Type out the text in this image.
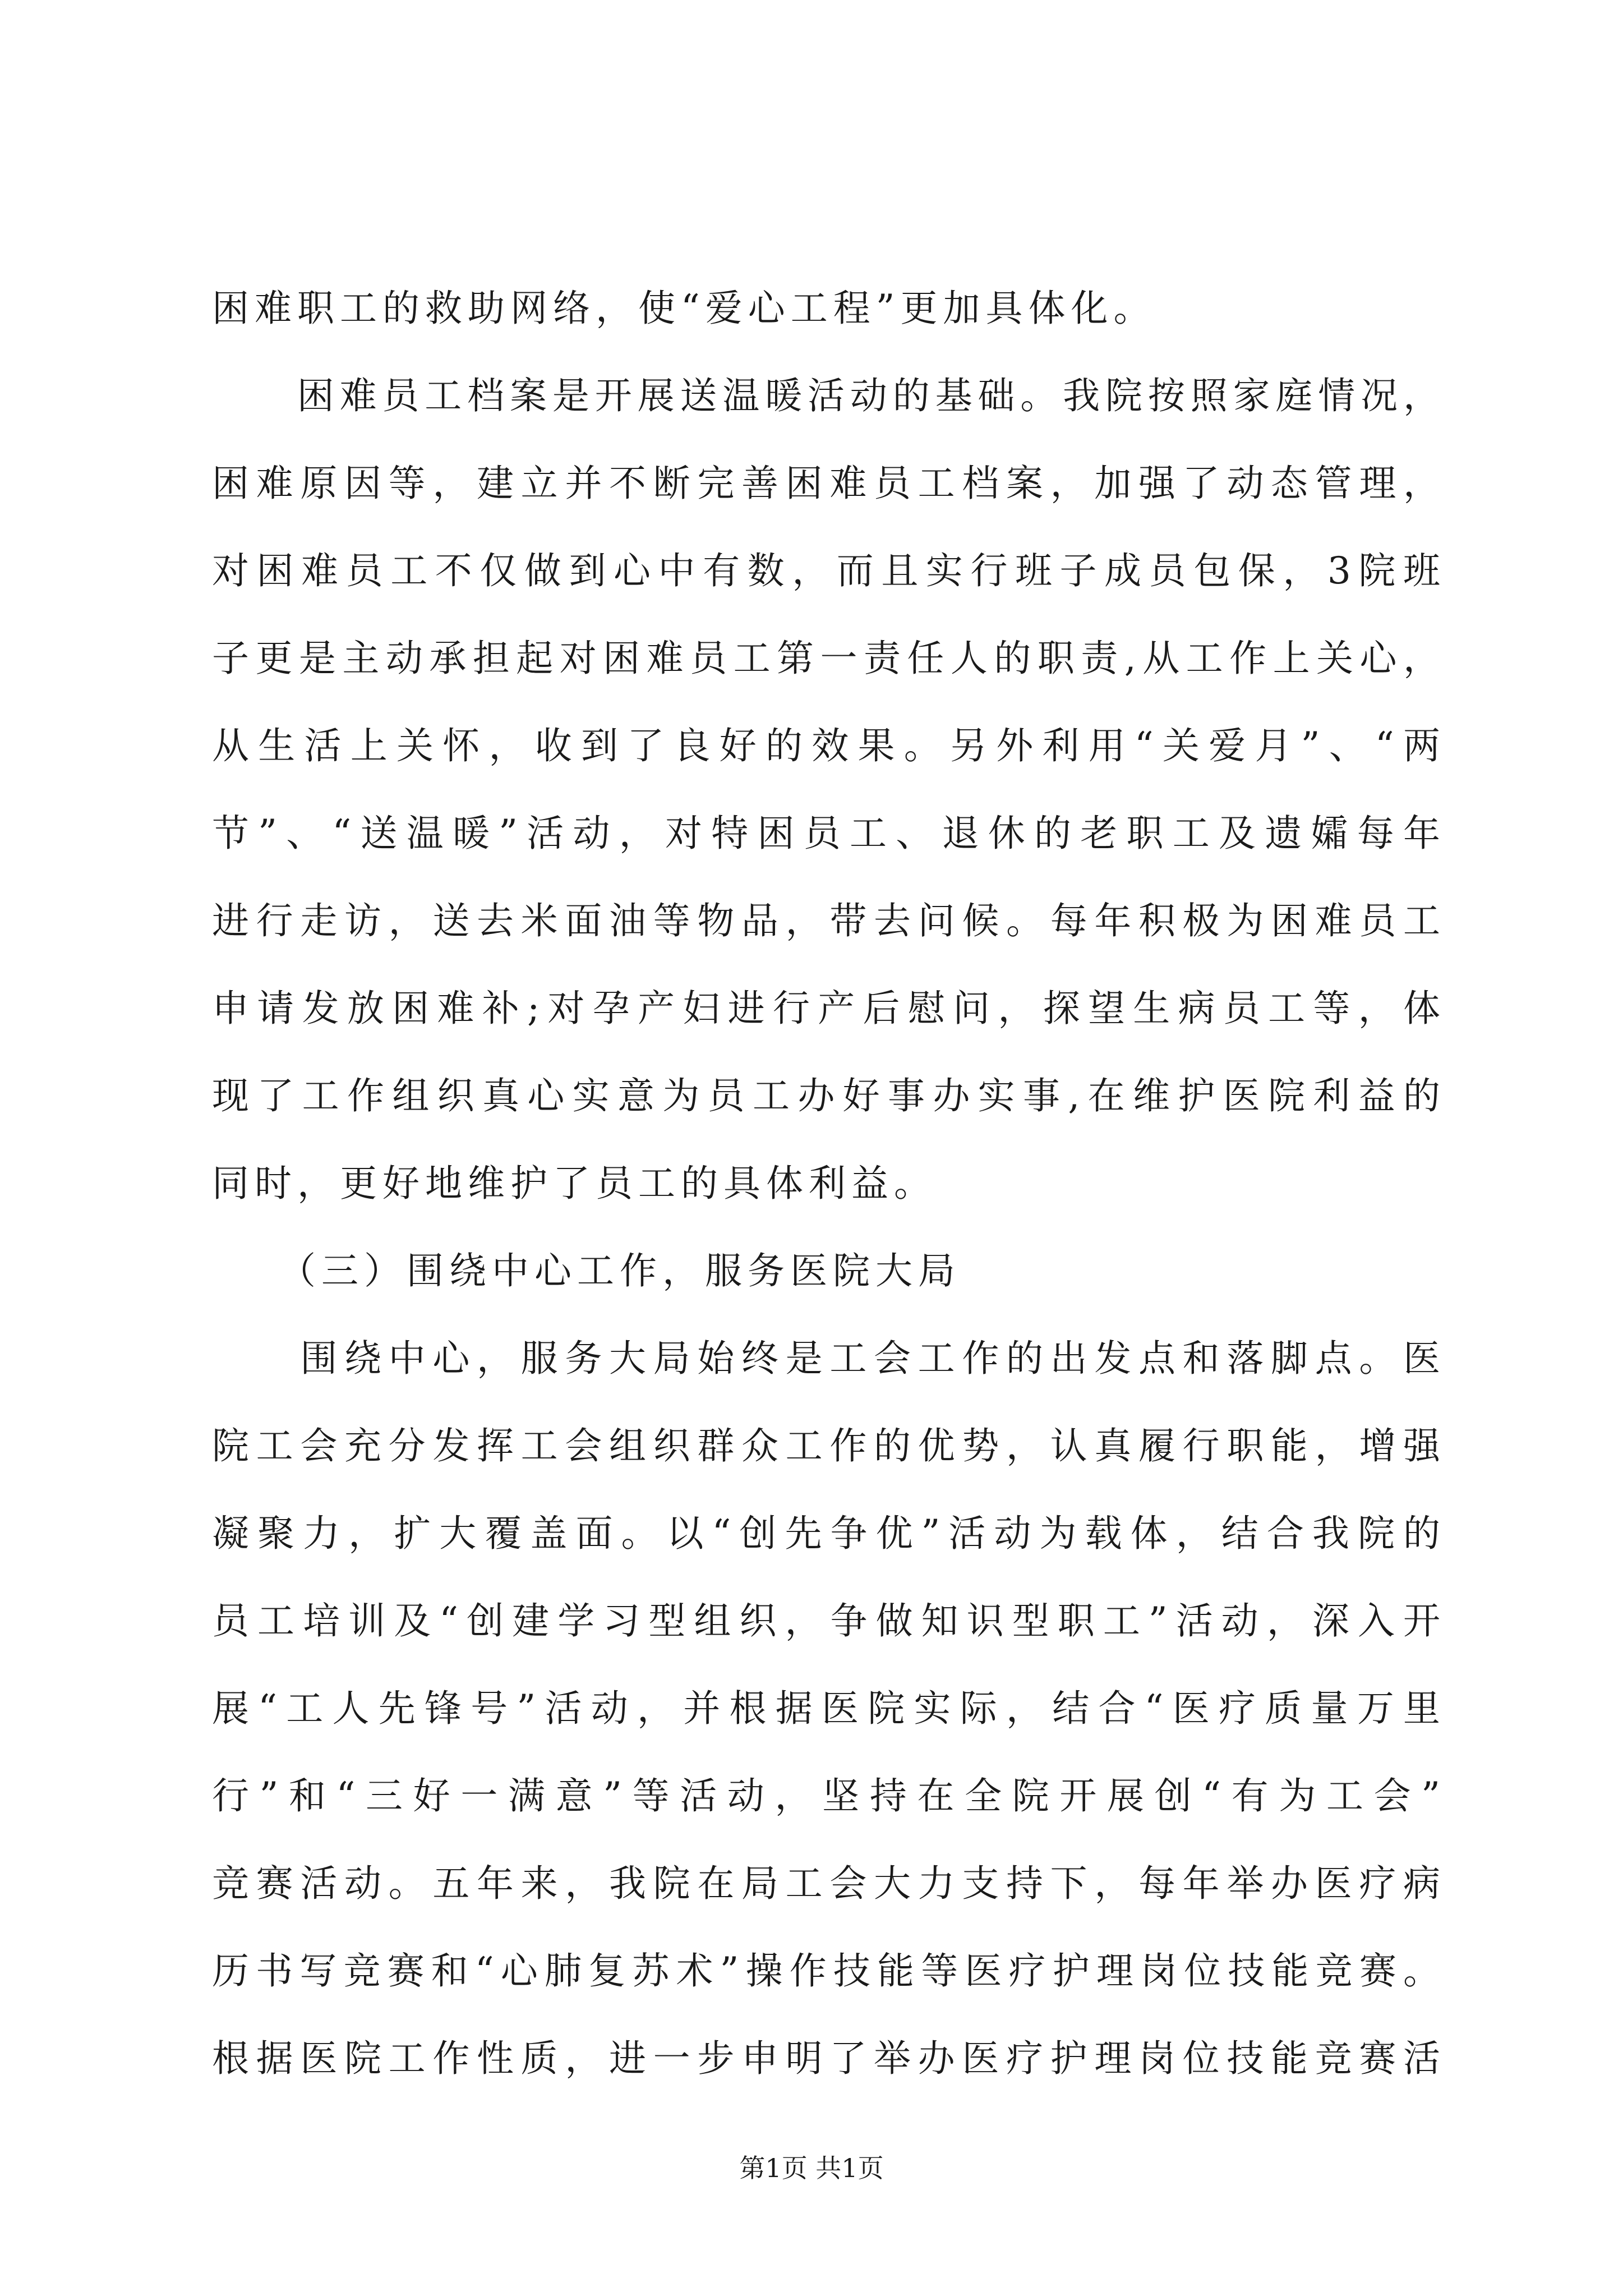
困难职工的救助网络，使“爱心工程”更加具体化。
　　困难员工档案是开展送温暖活动的基础。我院按照家庭情况，
困难原因等，建立并不断完善困难员工档案，加强了动态管理，
对困难员工不仅做到心中有数，而且实行班子成员包保，3院班
子更是主动承担起对困难员工第一责任人的职责,从工作上关心，
从生活上关怀，收到了良好的效果。另外利用“关爱月”、“两
节”、“送温暖”活动，对特困员工、退休的老职工及遗孀每年
进行走访，送去米面油等物品，带去问候。每年积极为困难员工
申请发放困难补;对孕产妇进行产后慰问，探望生病员工等，体
现了工作组织真心实意为员工办好事办实事,在维护医院利益的
同时，更好地维护了员工的具体利益。
　　（三）围绕中心工作，服务医院大局
　　围绕中心，服务大局始终是工会工作的出发点和落脚点。医
院工会充分发挥工会组织群众工作的优势，认真履行职能，增强
凝聚力，扩大覆盖面。以“创先争优”活动为载体，结合我院的
员工培训及“创建学习型组织，争做知识型职工”活动，深入开
展“工人先锋号”活动，并根据医院实际，结合“医疗质量万里
行”和“三好一满意”等活动，坚持在全院开展创“有为工会”
竞赛活动。五年来，我院在局工会大力支持下，每年举办医疗病
历书写竞赛和“心肺复苏术”操作技能等医疗护理岗位技能竞赛。
根据医院工作性质，进一步申明了举办医疗护理岗位技能竞赛活
第1页 共1页
